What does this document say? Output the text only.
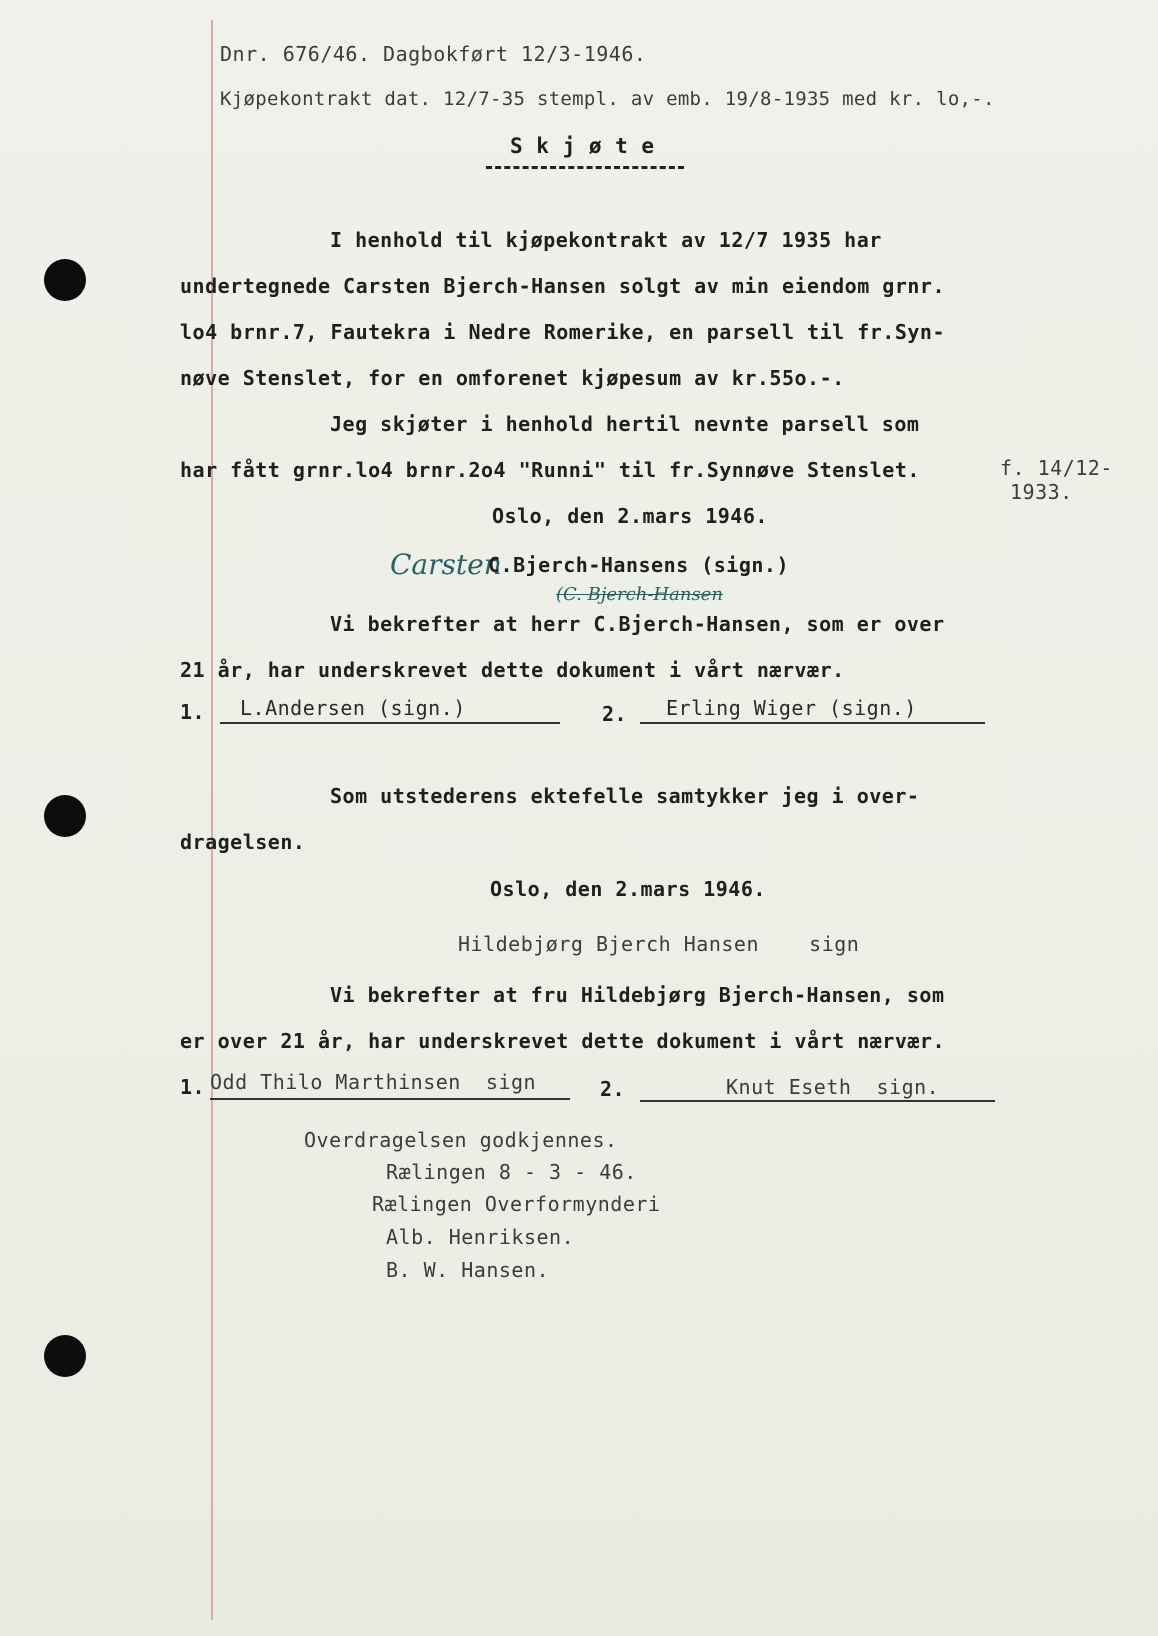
Dnr. 676/46. Dagbokført 12/3-1946.
Kjøpekontrakt dat. 12/7-35 stempl. av emb. 19/8-1935 med kr. lo,-.
S k j ø t e
I henhold til kjøpekontrakt av 12/7 1935 har
undertegnede Carsten Bjerch-Hansen solgt av min eiendom grnr.
lo4 brnr.7, Fautekra i Nedre Romerike, en parsell til fr.Syn-
nøve Stenslet, for en omforenet kjøpesum av kr.55o.-.
Jeg skjøter i henhold hertil nevnte parsell som
har fått grnr.lo4 brnr.2o4 "Runni" til fr.Synnøve Stenslet.	f. 14/12-
1933.
Oslo, den 2.mars 1946.
Carsten
C.Bjerch-Hansens (sign.)
(C. Bjerch-Hansen
Vi bekrefter at herr C.Bjerch-Hansen, som er over
21 år, har underskrevet dette dokument i vårt nærvær.
1. L.Andersen (sign.)	2. Erling Wiger (sign.)
Som utstederens ektefelle samtykker jeg i over-
dragelsen.
Oslo, den 2.mars 1946.
Hildebjørg Bjerch Hansen    sign
Vi bekrefter at fru Hildebjørg Bjerch-Hansen, som
er over 21 år, har underskrevet dette dokument i vårt nærvær.
1. Odd Thilo Marthinsen  sign	2.	Knut Eseth  sign.
Overdragelsen godkjennes.
Rælingen 8 - 3 - 46.
Rælingen Overformynderi
Alb. Henriksen.
B. W. Hansen.
